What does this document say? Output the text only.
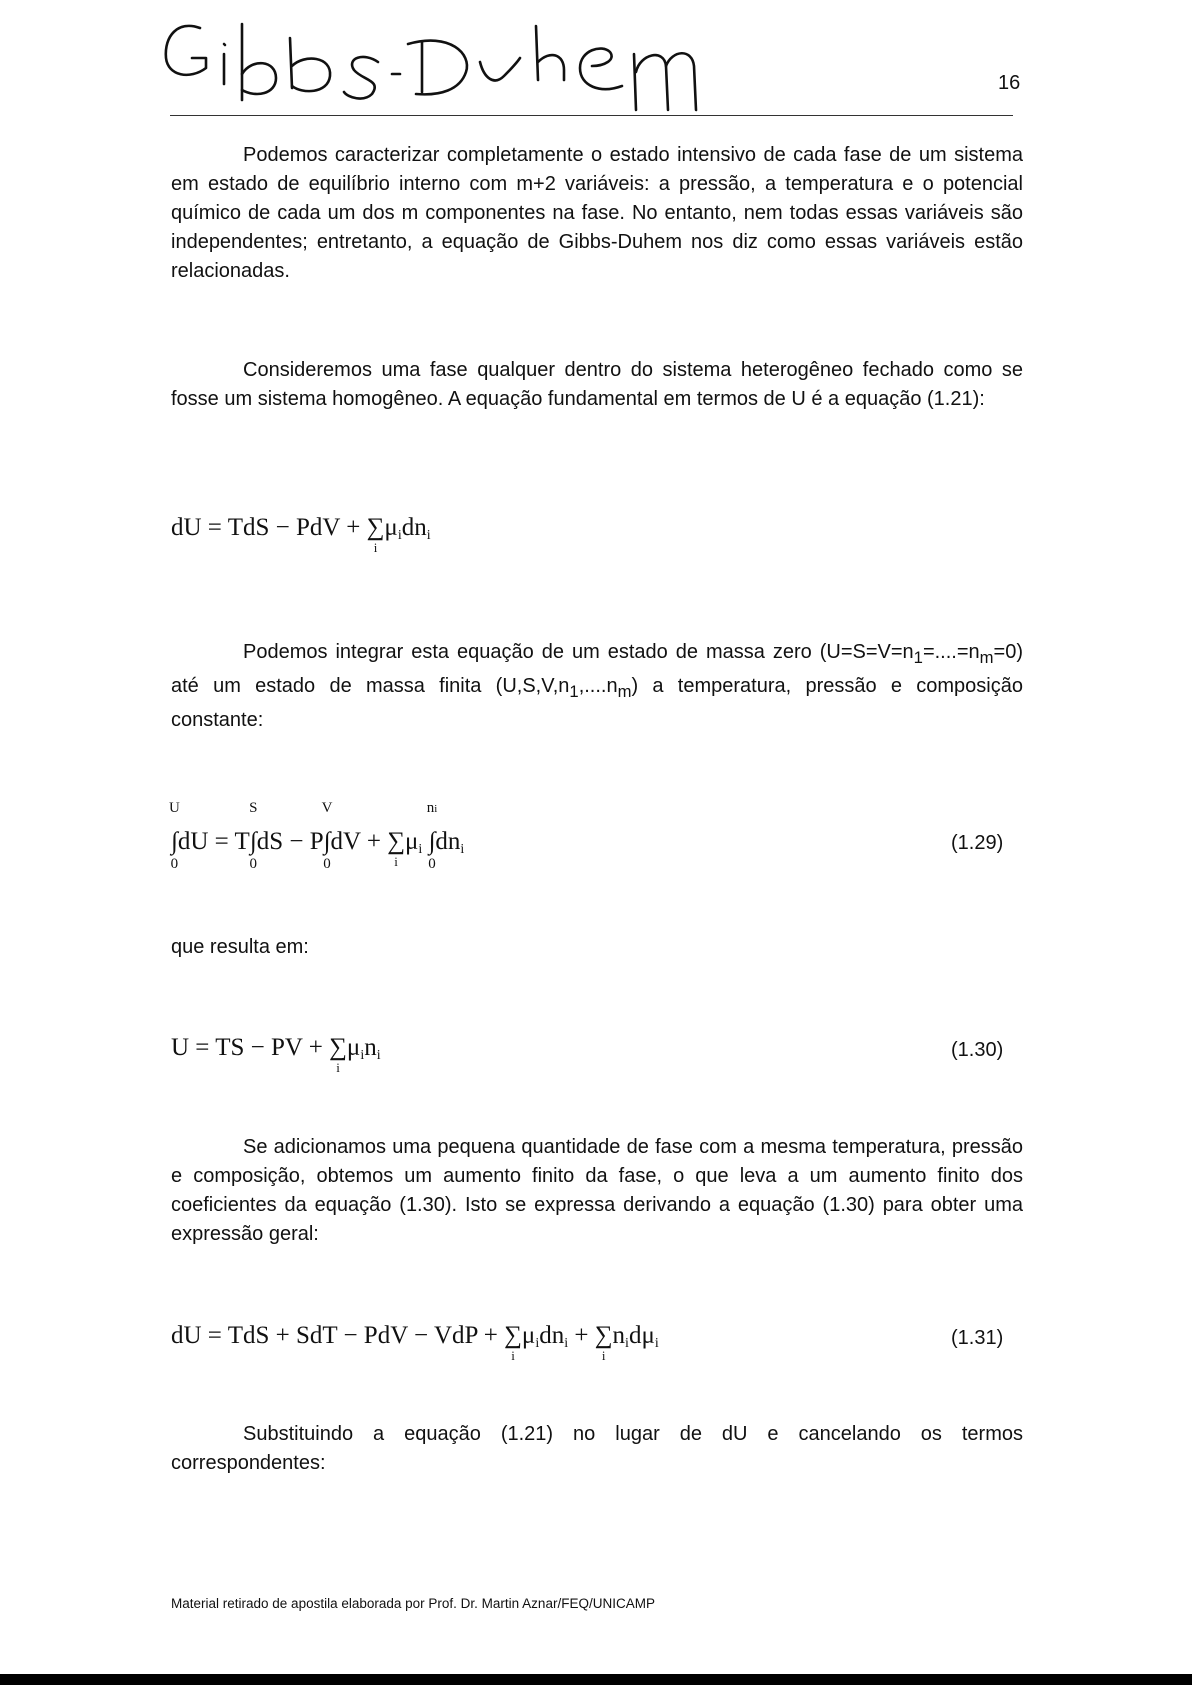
16

Podemos caracterizar completamente o estado intensivo de cada fase de um sistema em estado de equilíbrio interno com m+2 variáveis: a pressão, a temperatura e o potencial químico de cada um dos m componentes na fase. No entanto, nem todas essas variáveis são independentes; entretanto, a equação de Gibbs-Duhem nos diz como essas variáveis estão relacionadas.

Consideremos uma fase qualquer dentro do sistema heterogêneo fechado como se fosse um sistema homogêneo. A equação fundamental em termos de U é a equação (1.21):

dU = TdS − PdV + ∑
i
$\mu_idn_i$

Podemos integrar esta equação de um estado de massa zero $(U=S=V=n_1=....=n_m=0)$ até um estado de massa finita $(U,S,V,n_1,....n_m)$ a temperatura, pressão e composição constante:

∫
U
0
dU = T∫
S
0
dS − P∫
V
0
dV + ∑
i
$\mu_i$ ∫
ni
0
$dn_i$	(1.29)

que resulta em:

U = TS − PV + ∑
i
$\mu_in_i$	(1.30)

Se adicionamos uma pequena quantidade de fase com a mesma temperatura, pressão e composição, obtemos um aumento finito da fase, o que leva a um aumento finito dos coeficientes da equação (1.30). Isto se expressa derivando a equação (1.30) para obter uma expressão geral:

dU = TdS + SdT − PdV − VdP + ∑
i
$\mu_idn_i$ + ∑
i
$n_id\mu_i$	(1.31)

Substituindo a equação (1.21) no lugar de dU e cancelando os termos correspondentes:

Material retirado de apostila elaborada por Prof. Dr. Martin Aznar/FEQ/UNICAMP
